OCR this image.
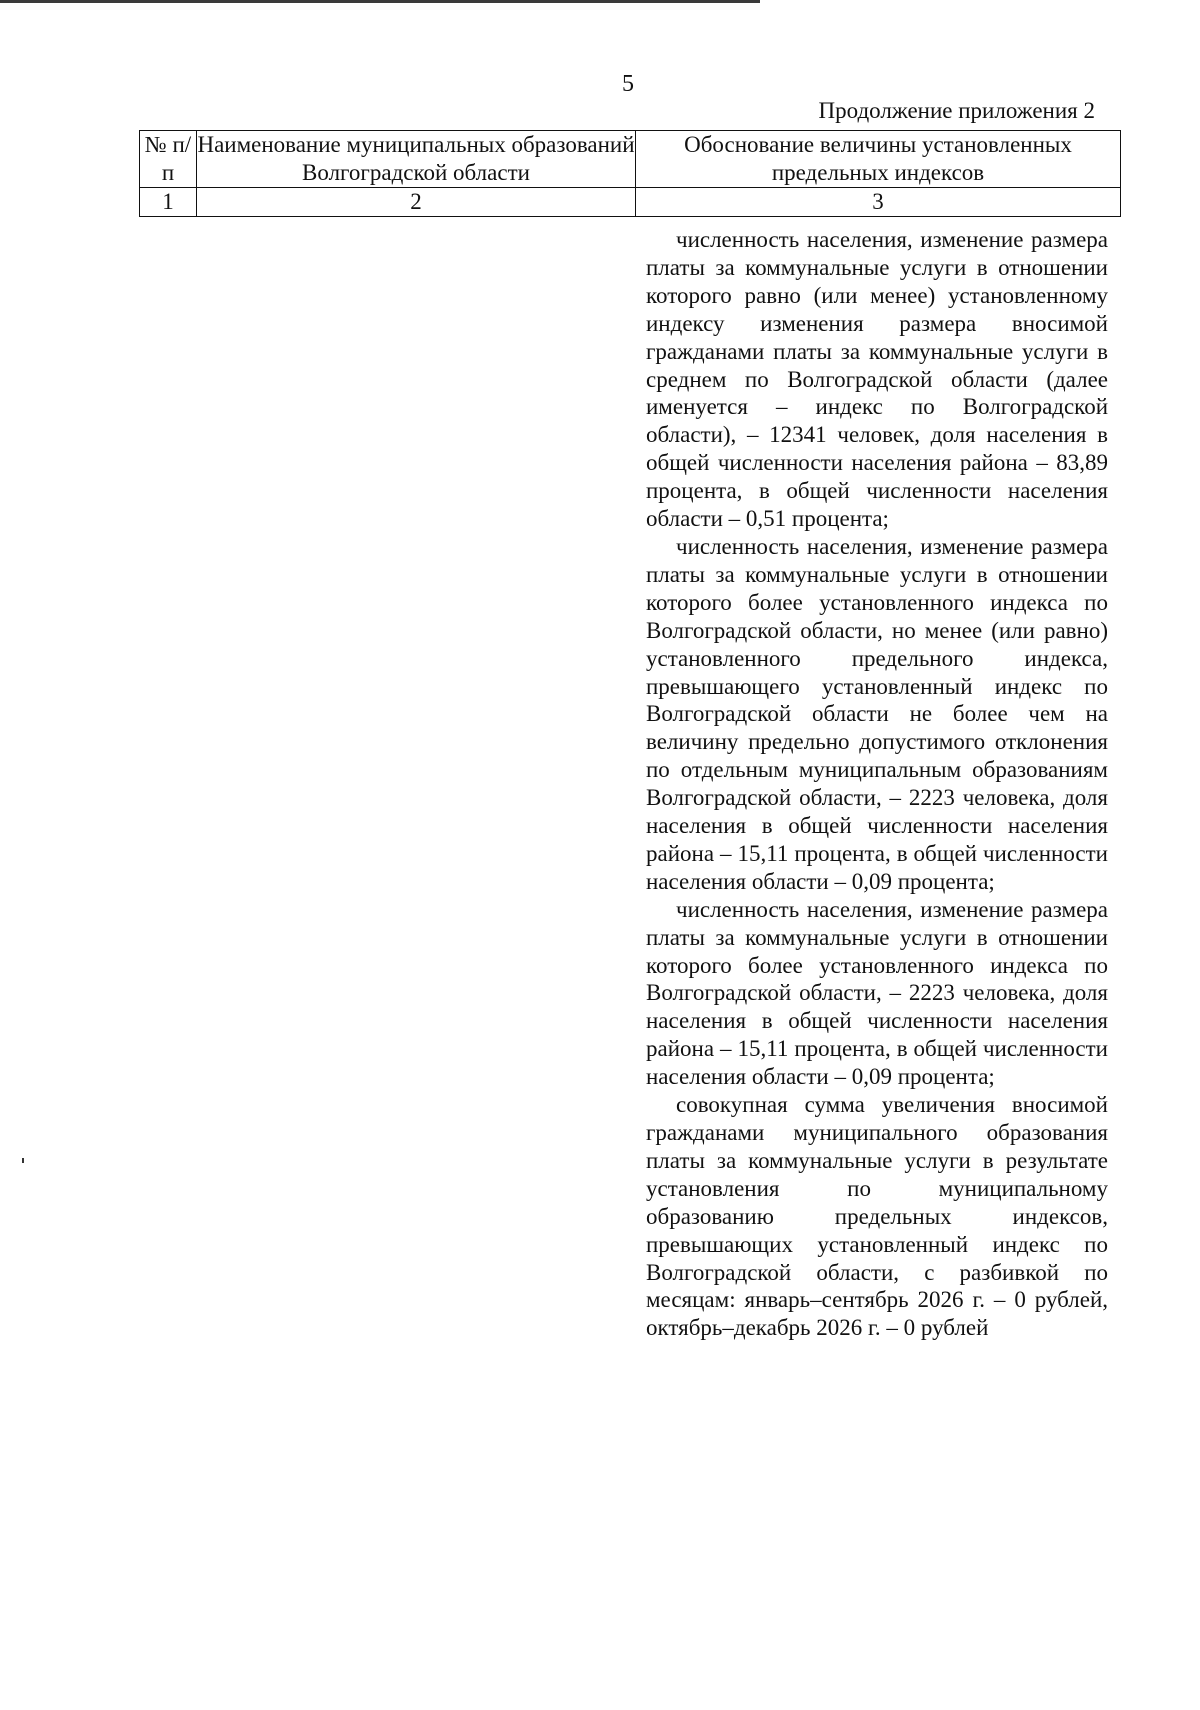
5
Продолжение приложения 2
№ п/п	Наименование муниципальных образований Волгоградской области	Обоснование величины установленных предельных индексов
1	2	3

численность населения, изменение размера платы за коммунальные услуги в отношении которого равно (или менее) установленному индексу изменения размера вносимой гражданами платы за коммунальные услуги в среднем по Волгоградской области (далее именуется – индекс по Волгоградской области), – 12341 человек, доля населения в общей численности населения района – 83,89 процента, в общей численности населения области – 0,51 процента;

численность населения, изменение размера платы за коммунальные услуги в отношении которого более установленного индекса по Волгоградской области, но менее (или равно) установленного предельного индекса, превышающего установленный индекс по Волгоградской области не более чем на величину предельно допустимого отклонения по отдельным муниципальным образованиям Волгоградской области, – 2223 человека, доля населения в общей численности населения района – 15,11 процента, в общей численности населения области – 0,09 процента;

численность населения, изменение размера платы за коммунальные услуги в отношении которого более установленного индекса по Волгоградской области, – 2223 человека, доля населения в общей численности населения района – 15,11 процента, в общей численности населения области – 0,09 процента;

совокупная сумма увеличения вносимой гражданами муниципального образования платы за коммунальные услуги в результате установления по муниципальному образованию предельных индексов, превышающих установленный индекс по Волгоградской области, с разбивкой по месяцам: январь–сентябрь 2026 г. – 0 рублей, октябрь–декабрь 2026 г. – 0 рублей
